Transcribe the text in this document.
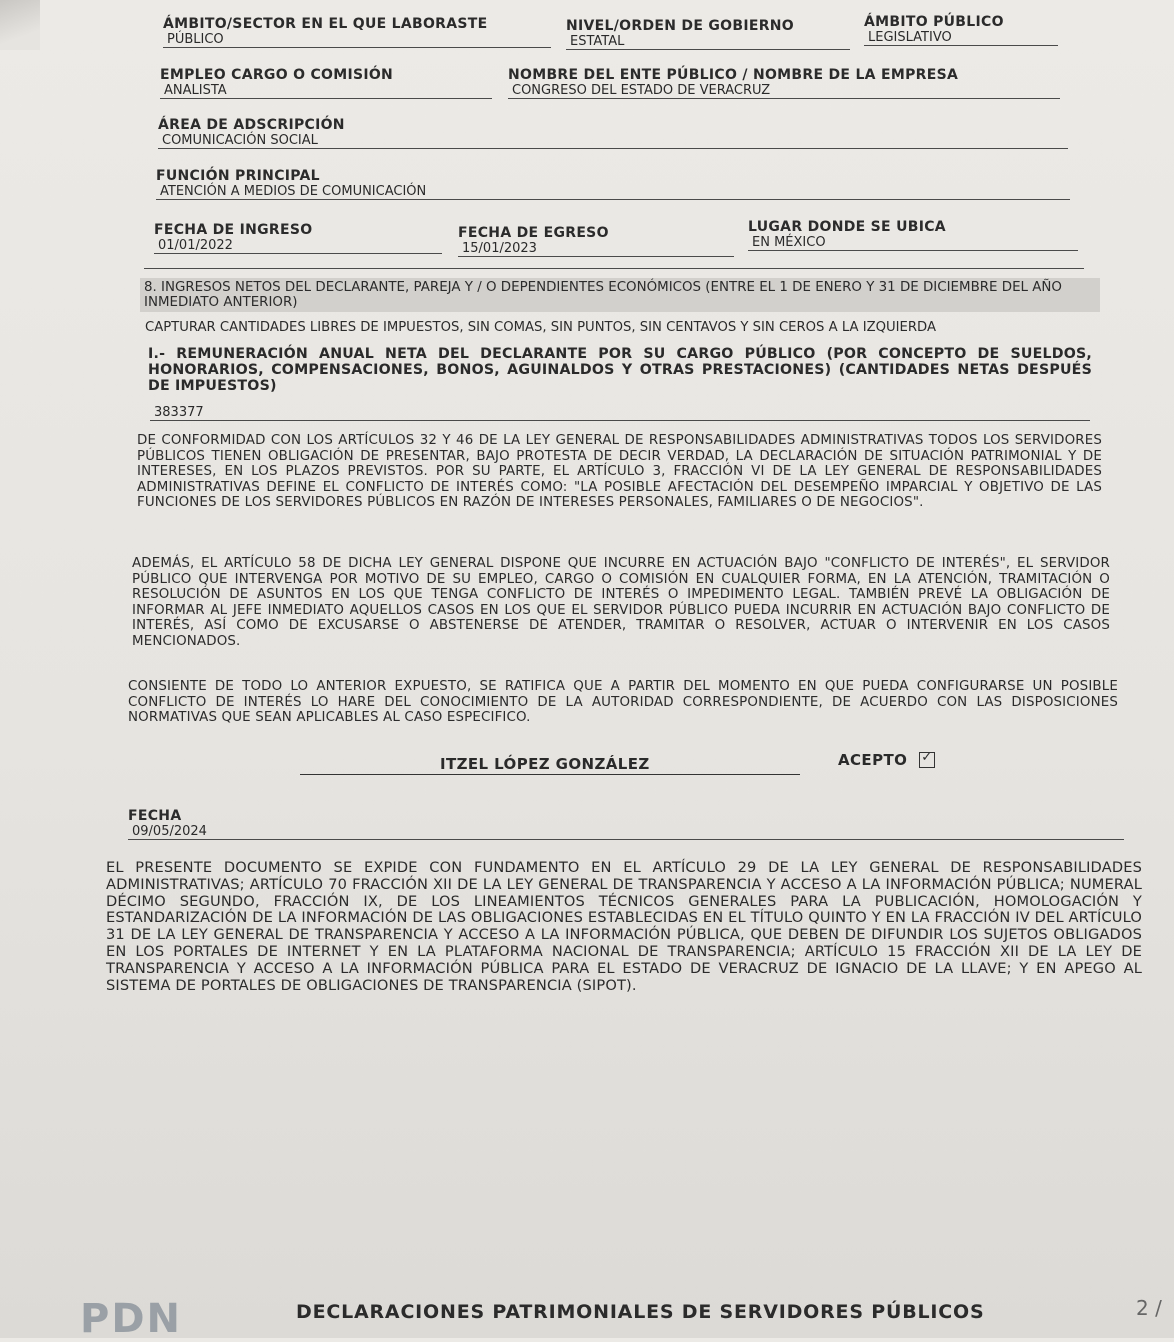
ÁMBITO/SECTOR EN EL QUE LABORASTE
PÚBLICO
NIVEL/ORDEN DE GOBIERNO
ESTATAL
ÁMBITO PÚBLICO
LEGISLATIVO
EMPLEO CARGO O COMISIÓN
ANALISTA
NOMBRE DEL ENTE PÚBLICO / NOMBRE DE LA EMPRESA
CONGRESO DEL ESTADO DE VERACRUZ
ÁREA DE ADSCRIPCIÓN
COMUNICACIÓN SOCIAL
FUNCIÓN PRINCIPAL
ATENCIÓN A MEDIOS DE COMUNICACIÓN
FECHA DE INGRESO
01/01/2022
FECHA DE EGRESO
15/01/2023
LUGAR DONDE SE UBICA
EN MÉXICO
8. INGRESOS NETOS DEL DECLARANTE, PAREJA Y / O DEPENDIENTES ECONÓMICOS (ENTRE EL 1 DE ENERO Y 31 DE DICIEMBRE DEL AÑO INMEDIATO ANTERIOR)
CAPTURAR CANTIDADES LIBRES DE IMPUESTOS, SIN COMAS, SIN PUNTOS, SIN CENTAVOS Y SIN CEROS A LA IZQUIERDA
I.- REMUNERACIÓN ANUAL NETA DEL DECLARANTE POR SU CARGO PÚBLICO (POR CONCEPTO DE SUELDOS, HONORARIOS, COMPENSACIONES, BONOS, AGUINALDOS Y OTRAS PRESTACIONES) (CANTIDADES NETAS DESPUÉS DE IMPUESTOS)
383377
DE CONFORMIDAD CON LOS ARTÍCULOS 32 Y 46 DE LA LEY GENERAL DE RESPONSABILIDADES ADMINISTRATIVAS TODOS LOS SERVIDORES PÚBLICOS TIENEN OBLIGACIÓN DE PRESENTAR, BAJO PROTESTA DE DECIR VERDAD, LA DECLARACIÓN DE SITUACIÓN PATRIMONIAL Y DE INTERESES, EN LOS PLAZOS PREVISTOS. POR SU PARTE, EL ARTÍCULO 3, FRACCIÓN VI DE LA LEY GENERAL DE RESPONSABILIDADES ADMINISTRATIVAS DEFINE EL CONFLICTO DE INTERÉS COMO: "LA POSIBLE AFECTACIÓN DEL DESEMPEÑO IMPARCIAL Y OBJETIVO DE LAS FUNCIONES DE LOS SERVIDORES PÚBLICOS EN RAZÓN DE INTERESES PERSONALES, FAMILIARES O DE NEGOCIOS".
ADEMÁS, EL ARTÍCULO 58 DE DICHA LEY GENERAL DISPONE QUE INCURRE EN ACTUACIÓN BAJO "CONFLICTO DE INTERÉS", EL SERVIDOR PÚBLICO QUE INTERVENGA POR MOTIVO DE SU EMPLEO, CARGO O COMISIÓN EN CUALQUIER FORMA, EN LA ATENCIÓN, TRAMITACIÓN O RESOLUCIÓN DE ASUNTOS EN LOS QUE TENGA CONFLICTO DE INTERÉS O IMPEDIMENTO LEGAL. TAMBIÉN PREVÉ LA OBLIGACIÓN DE INFORMAR AL JEFE INMEDIATO AQUELLOS CASOS EN LOS QUE EL SERVIDOR PÚBLICO PUEDA INCURRIR EN ACTUACIÓN BAJO CONFLICTO DE INTERÉS, ASÍ COMO DE EXCUSARSE O ABSTENERSE DE ATENDER, TRAMITAR O RESOLVER, ACTUAR O INTERVENIR EN LOS CASOS MENCIONADOS.
CONSIENTE DE TODO LO ANTERIOR EXPUESTO, SE RATIFICA QUE A PARTIR DEL MOMENTO EN QUE PUEDA CONFIGURARSE UN POSIBLE CONFLICTO DE INTERÉS LO HARE DEL CONOCIMIENTO DE LA AUTORIDAD CORRESPONDIENTE, DE ACUERDO CON LAS DISPOSICIONES NORMATIVAS QUE SEAN APLICABLES AL CASO ESPECIFICO.
ITZEL LÓPEZ GONZÁLEZ	ACEPTO
✓
FECHA
09/05/2024
EL PRESENTE DOCUMENTO SE EXPIDE CON FUNDAMENTO EN EL ARTÍCULO 29 DE LA LEY GENERAL DE RESPONSABILIDADES ADMINISTRATIVAS; ARTÍCULO 70 FRACCIÓN XII DE LA LEY GENERAL DE TRANSPARENCIA Y ACCESO A LA INFORMACIÓN PÚBLICA; NUMERAL DÉCIMO SEGUNDO, FRACCIÓN IX, DE LOS LINEAMIENTOS TÉCNICOS GENERALES PARA LA PUBLICACIÓN, HOMOLOGACIÓN Y ESTANDARIZACIÓN DE LA INFORMACIÓN DE LAS OBLIGACIONES ESTABLECIDAS EN EL TÍTULO QUINTO Y EN LA FRACCIÓN IV DEL ARTÍCULO 31 DE LA LEY GENERAL DE TRANSPARENCIA Y ACCESO A LA INFORMACIÓN PÚBLICA, QUE DEBEN DE DIFUNDIR LOS SUJETOS OBLIGADOS EN LOS PORTALES DE INTERNET Y EN LA PLATAFORMA NACIONAL DE TRANSPARENCIA; ARTÍCULO 15 FRACCIÓN XII DE LA LEY DE TRANSPARENCIA Y ACCESO A LA INFORMACIÓN PÚBLICA PARA EL ESTADO DE VERACRUZ DE IGNACIO DE LA LLAVE; Y EN APEGO AL SISTEMA DE PORTALES DE OBLIGACIONES DE TRANSPARENCIA (SIPOT).
PDN	DECLARACIONES PATRIMONIALES DE SERVIDORES PÚBLICOS	2 /
